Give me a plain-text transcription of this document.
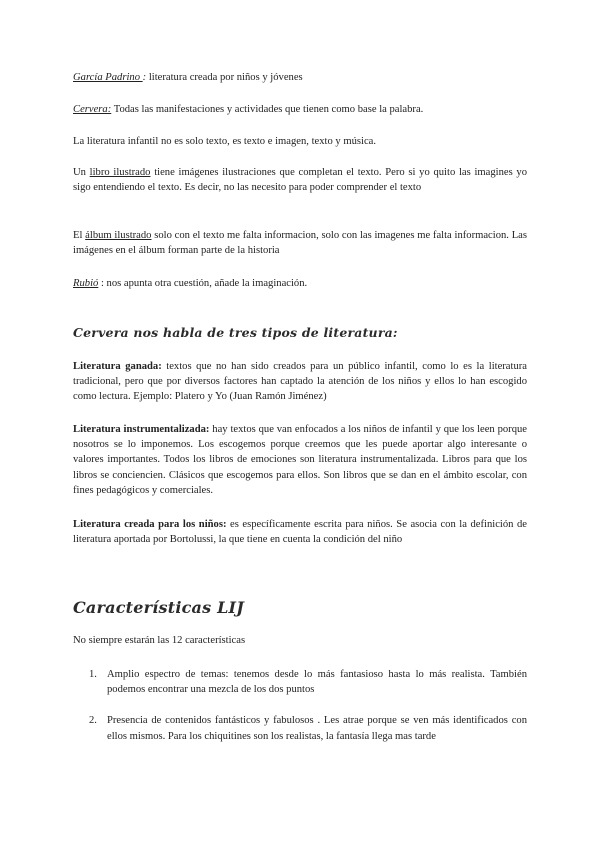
García Padrino : literatura creada por niños y jóvenes

Cervera: Todas las manifestaciones y actividades que tienen como base la palabra.

La literatura infantil no es solo texto, es texto e imagen, texto y música.

Un libro ilustrado tiene imágenes ilustraciones que completan el texto. Pero si yo quito las imagines yo sigo entendiendo el texto. Es decir, no las necesito para poder comprender el texto

El álbum ilustrado solo con el texto me falta informacion, solo con las imagenes me falta informacion. Las imágenes en el álbum forman parte de la historia

Rubió : nos apunta otra cuestión, añade la imaginación.

Cervera nos habla de tres tipos de literatura:

Literatura ganada: textos que no han sido creados para un público infantil, como lo es la literatura tradicional, pero que por diversos factores han captado la atención de los niños y ellos lo han escogido como lectura. Ejemplo: Platero y Yo (Juan Ramón Jiménez)

Literatura instrumentalizada: hay textos que van enfocados a los niños de infantil y que los leen porque nosotros se lo imponemos. Los escogemos porque creemos que les puede aportar algo interesante o valores importantes. Todos los libros de emociones son literatura instrumentalizada. Libros para que los libros se conciencien. Clásicos que escogemos para ellos. Son libros que se dan en el ámbito escolar, con fines pedagógicos y comerciales.

Literatura creada para los niños: es específicamente escrita para niños. Se asocia con la definición de literatura aportada por Bortolussi, la que tiene en cuenta la condición del niño

Características LIJ

No siempre estarán las 12 características

1. Amplio espectro de temas: tenemos desde lo más fantasioso hasta lo más realista. También podemos encontrar una mezcla de los dos puntos
2. Presencia de contenidos fantásticos y fabulosos . Les atrae porque se ven más identificados con ellos mismos. Para los chiquitines son los realistas, la fantasía llega mas tarde
